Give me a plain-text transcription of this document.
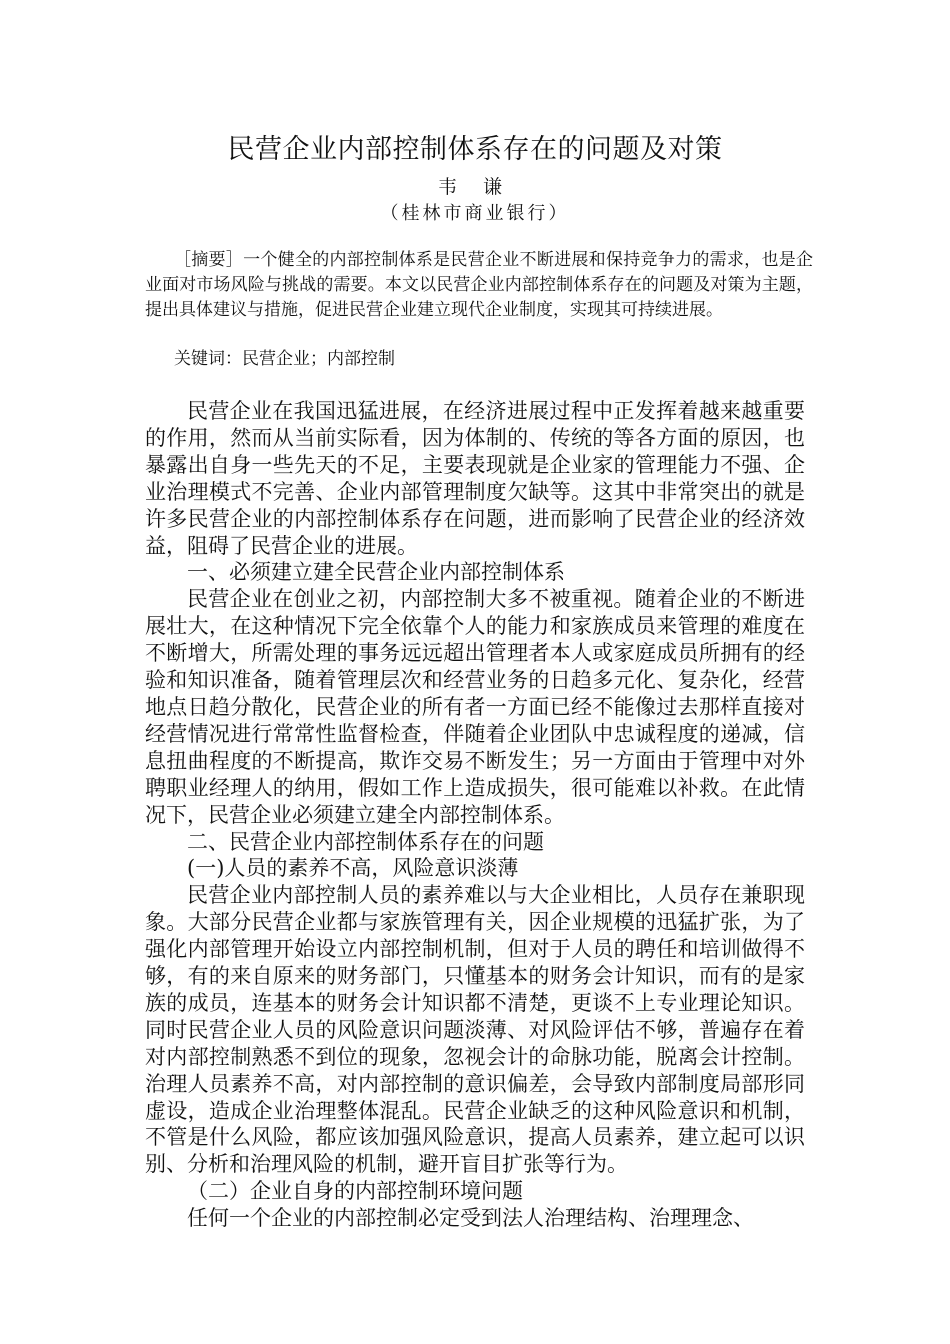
民营企业内部控制体系存在的问题及对策
韦 谦
（桂林市商业银行）
［摘要］一个健全的内部控制体系是民营企业不断进展和保持竞争力的需求，也是企业面对市场风险与挑战的需要。本文以民营企业内部控制体系存在的问题及对策为主题，提出具体建议与措施，促进民营企业建立现代企业制度，实现其可持续进展。
关键词：民营企业；内部控制

民营企业在我国迅猛进展，在经济进展过程中正发挥着越来越重要的作用，然而从当前实际看，因为体制的、传统的等各方面的原因，也暴露出自身一些先天的不足，主要表现就是企业家的管理能力不强、企业治理模式不完善、企业内部管理制度欠缺等。这其中非常突出的就是许多民营企业的内部控制体系存在问题，进而影响了民营企业的经济效益，阻碍了民营企业的进展。

一、必须建立建全民营企业内部控制体系

民营企业在创业之初，内部控制大多不被重视。随着企业的不断进展壮大，在这种情况下完全依靠个人的能力和家族成员来管理的难度在不断增大，所需处理的事务远远超出管理者本人或家庭成员所拥有的经验和知识准备，随着管理层次和经营业务的日趋多元化、复杂化，经营地点日趋分散化，民营企业的所有者一方面已经不能像过去那样直接对经营情况进行常常性监督检查，伴随着企业团队中忠诚程度的递减，信息扭曲程度的不断提高，欺诈交易不断发生；另一方面由于管理中对外聘职业经理人的纳用，假如工作上造成损失，很可能难以补救。在此情况下，民营企业必须建立建全内部控制体系。

二、民营企业内部控制体系存在的问题

(一)人员的素养不高，风险意识淡薄

民营企业内部控制人员的素养难以与大企业相比，人员存在兼职现象。大部分民营企业都与家族管理有关，因企业规模的迅猛扩张，为了强化内部管理开始设立内部控制机制，但对于人员的聘任和培训做得不够，有的来自原来的财务部门，只懂基本的财务会计知识，而有的是家族的成员，连基本的财务会计知识都不清楚，更谈不上专业理论知识。同时民营企业人员的风险意识问题淡薄、对风险评估不够，普遍存在着对内部控制熟悉不到位的现象，忽视会计的命脉功能，脱离会计控制。治理人员素养不高，对内部控制的意识偏差，会导致内部制度局部形同虚设，造成企业治理整体混乱。民营企业缺乏的这种风险意识和机制，不管是什么风险，都应该加强风险意识，提高人员素养，建立起可以识别、分析和治理风险的机制，避开盲目扩张等行为。

（二）企业自身的内部控制环境问题

任何一个企业的内部控制必定受到法人治理结构、治理理念、
